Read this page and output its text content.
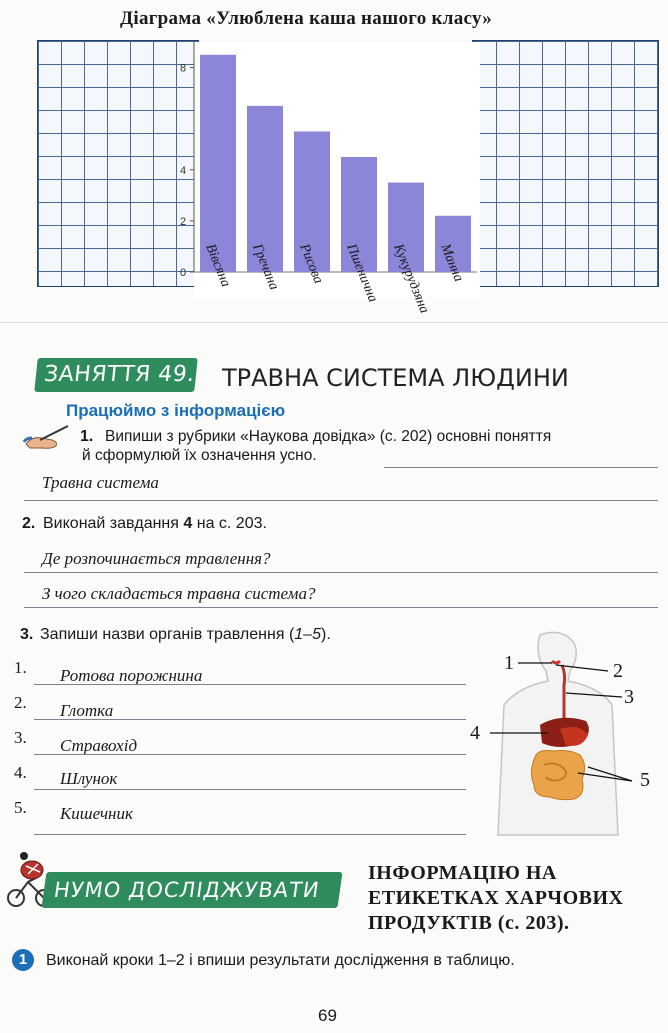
Діаграма «Улюблена каша нашого класу»
0
2
4
8
Вівсяна Гречана Рисова Пшенична Кукурудзяна Манна
ЗАНЯТТЯ 49. ТРАВНА СИСТЕМА ЛЮДИНИ
Працюймо з інформацією
1. Випиши з рубрики «Наукова довідка» (с. 202) основні поняття
й сформулюй їх означення усно.
Травна система
2. Виконай завдання 4 на с. 203.
Де розпочинається травлення?
З чого складається травна система?
3. Запиши назви органів травлення (1–5).
1. Ротова порожнина
2. Глотка
3. Стравохід
4. Шлунок
5. Кишечник
1	2
3
4
5
НУМО ДОСЛІДЖУВАТИ
ІНФОРМАЦІЮ НА
ЕТИКЕТКАХ ХАРЧОВИХ
ПРОДУКТІВ (с. 203).
1	Виконай кроки 1–2 і впиши результати дослідження в таблицю.
69
